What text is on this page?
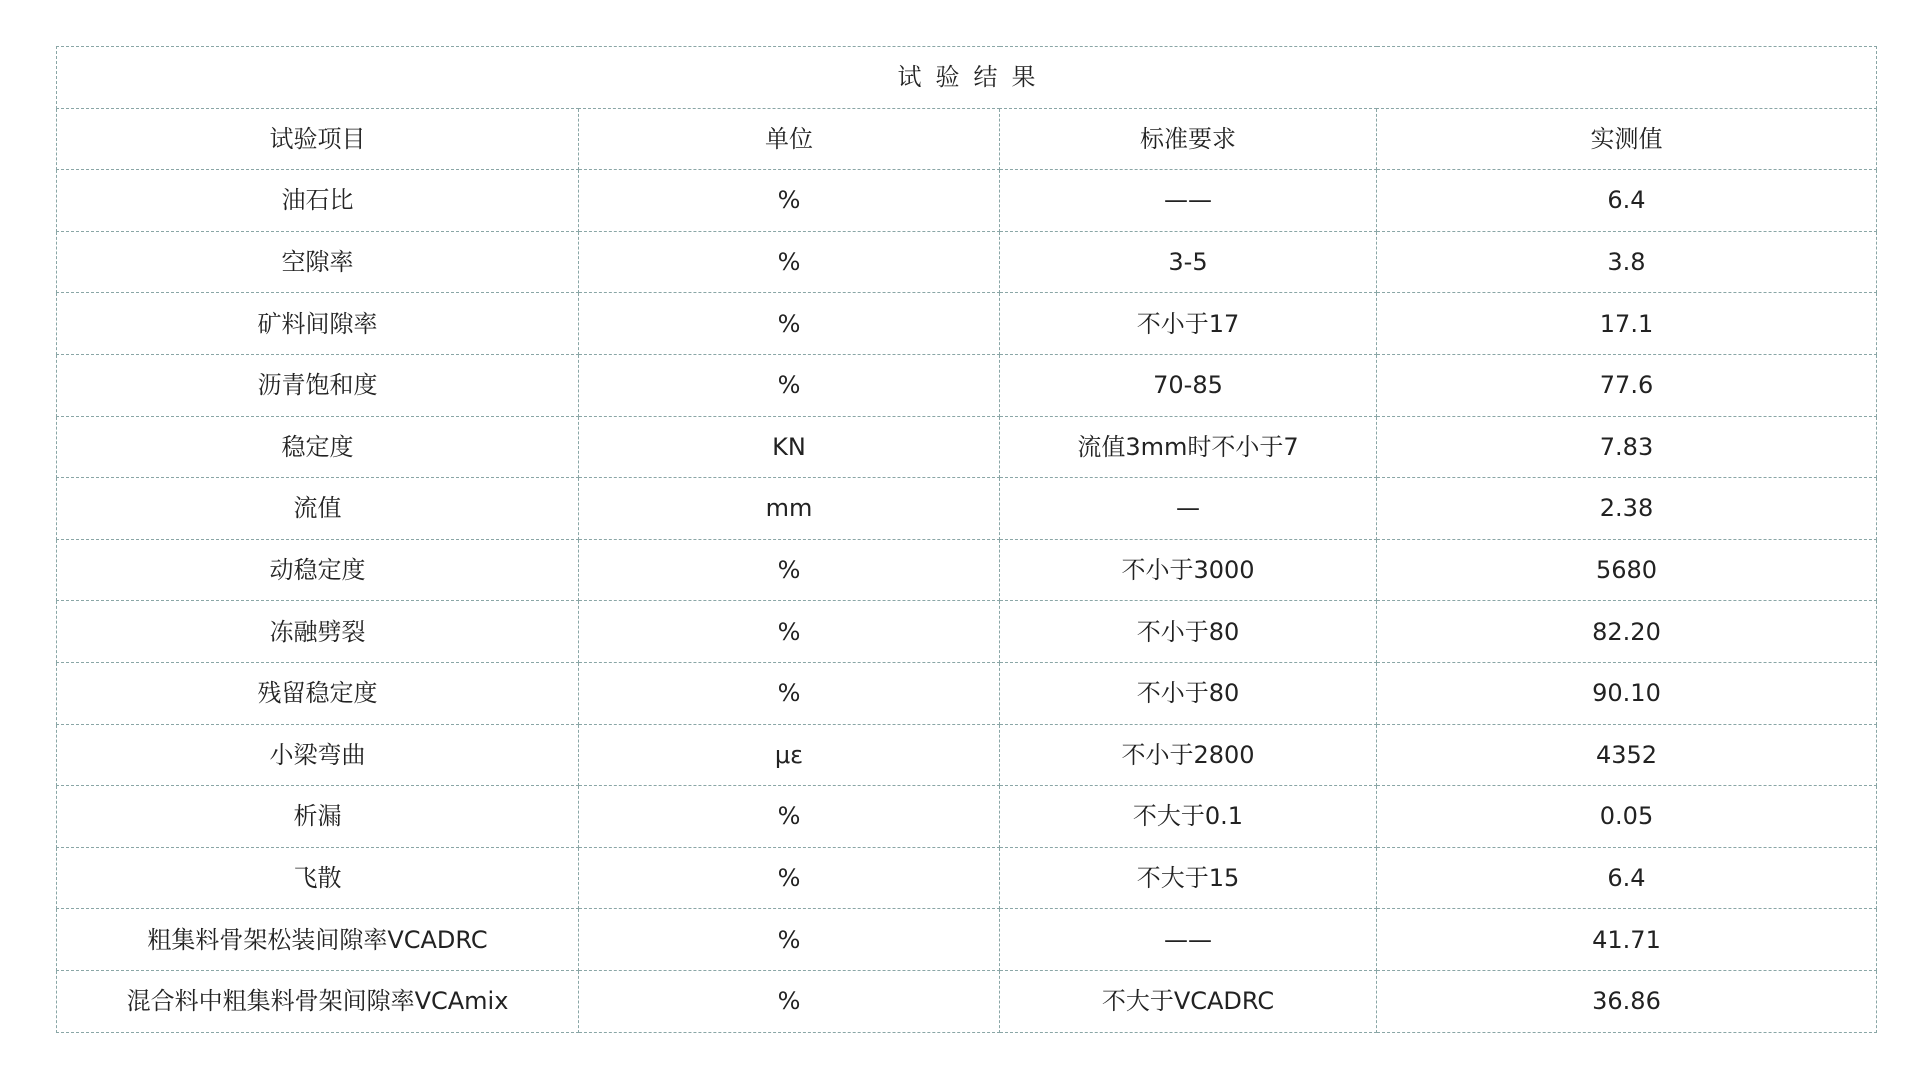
试验结果			
试验项目	单位	标准要求	实测值
油石比	%	——	6.4
空隙率	%	3-5	3.8
矿料间隙率	%	不小于17	17.1
沥青饱和度	%	70-85	77.6
稳定度	KN	流值3mm时不小于7	7.83
流值	mm	—	2.38
动稳定度	%	不小于3000	5680
冻融劈裂	%	不小于80	82.20
残留稳定度	%	不小于80	90.10
小梁弯曲	με	不小于2800	4352
析漏	%	不大于0.1	0.05
飞散	%	不大于15	6.4
粗集料骨架松装间隙率VCADRC	%	——	41.71
混合料中粗集料骨架间隙率VCAmix	%	不大于VCADRC	36.86
